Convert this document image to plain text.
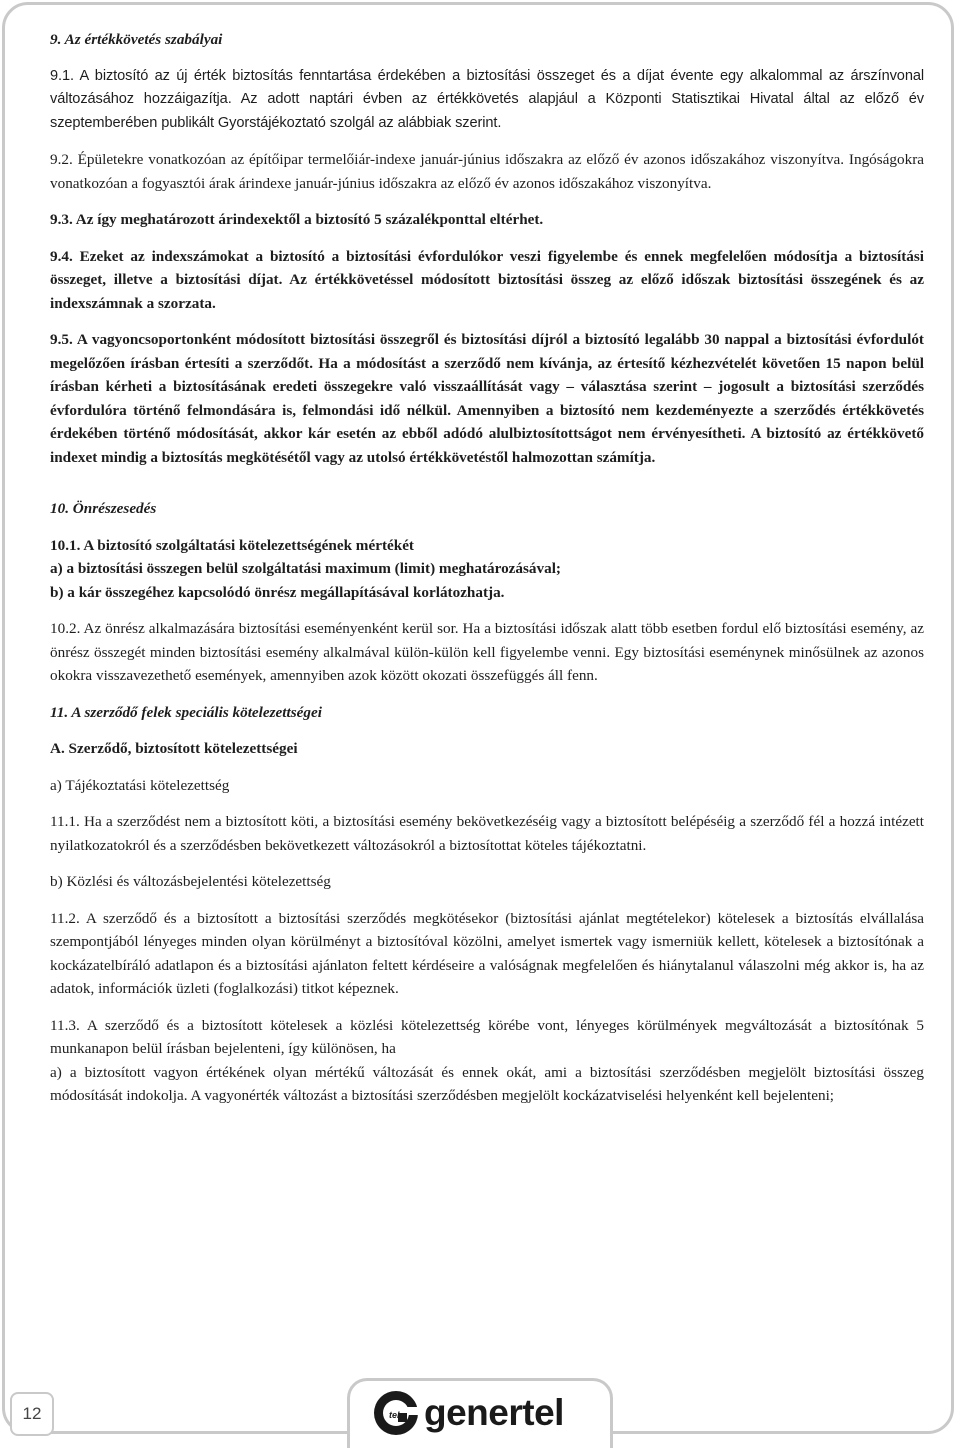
9. Az értékkövetés szabályai

9.1. A biztosító az új érték biztosítás fenntartása érdekében a biztosítási összeget és a díjat évente egy alkalommal az árszínvonal változásához hozzáigazítja. Az adott naptári évben az értékkövetés alapjául a Központi Statisztikai Hivatal által az előző év szeptemberében publikált Gyorstájékoztató szolgál az alábbiak szerint.

9.2. Épületekre vonatkozóan az építőipar termelőiár-indexe január-június időszakra az előző év azonos időszakához viszonyítva. Ingóságokra vonatkozóan a fogyasztói árak árindexe január-június időszakra az előző év azonos időszakához viszonyítva.

9.3. Az így meghatározott árindexektől a biztosító 5 százalékponttal eltérhet.

9.4. Ezeket az indexszámokat a biztosító a biztosítási évfordulókor veszi figyelembe és ennek megfelelően módosítja a biztosítási összeget, illetve a biztosítási díjat. Az értékkövetéssel módosított biztosítási összeg az előző időszak biztosítási összegének és az indexszámnak a szorzata.

9.5. A vagyoncsoportonként módosított biztosítási összegről és biztosítási díjról a biztosító legalább 30 nappal a biztosítási évfordulót megelőzően írásban értesíti a szerződőt. Ha a módosítást a szerződő nem kívánja, az értesítő kézhezvételét követően 15 napon belül írásban kérheti a biztosításának eredeti összegekre való visszaállítását vagy – választása szerint – jogosult a biztosítási szerződés évfordulóra történő felmondására is, felmondási idő nélkül. Amennyiben a biztosító nem kezdeményezte a szerződés értékkövetés érdekében történő módosítását, akkor kár esetén az ebből adódó alulbiztosítottságot nem érvényesítheti. A biztosító az értékkövető indexet mindig a biztosítás megkötésétől vagy az utolsó értékkövetéstől halmozottan számítja.

10. Önrészesedés

10.1. A biztosító szolgáltatási kötelezettségének mértékét

a) a biztosítási összegen belül szolgáltatási maximum (limit) meghatározásával;

b) a kár összegéhez kapcsolódó önrész megállapításával korlátozhatja.

10.2. Az önrész alkalmazására biztosítási eseményenként kerül sor. Ha a biztosítási időszak alatt több esetben fordul elő biztosítási esemény, az önrész összegét minden biztosítási esemény alkalmával külön-külön kell figyelembe venni. Egy biztosítási eseménynek minősülnek az azonos okokra visszavezethető események, amennyiben azok között okozati összefüggés áll fenn.

11. A szerződő felek speciális kötelezettségei

A. Szerződő, biztosított kötelezettségei

a) Tájékoztatási kötelezettség

11.1. Ha a szerződést nem a biztosított köti, a biztosítási esemény bekövetkezéséig vagy a biztosított belépéséig a szerződő fél a hozzá intézett nyilatkozatokról és a szerződésben bekövetkezett változásokról a biztosítottat köteles tájékoztatni.

b) Közlési és változásbejelentési kötelezettség

11.2. A szerződő és a biztosított a biztosítási szerződés megkötésekor (biztosítási ajánlat megtételekor) kötelesek a biztosítás elvállalása szempontjából lényeges minden olyan körülményt a biztosítóval közölni, amelyet ismertek vagy ismerniük kellett, kötelesek a biztosítónak a kockázatelbíráló adatlapon és a biztosítási ajánlaton feltett kérdéseire a valóságnak megfelelően és hiánytalanul válaszolni még akkor is, ha az adatok, információk üzleti (foglalkozási) titkot képeznek.

11.3. A szerződő és a biztosított kötelesek a közlési kötelezettség körébe vont, lényeges körülmények megváltozását a biztosítónak 5 munkanapon belül írásban bejelenteni, így különösen, ha

a) a biztosított vagyon értékének olyan mértékű változását és ennek okát, ami a biztosítási szerződésben megjelölt biztosítási összeg módosítását indokolja. A vagyonérték változást a biztosítási szerződésben megjelölt kockázatviselési helyenként kell bejelenteni;

12	tel genertel
